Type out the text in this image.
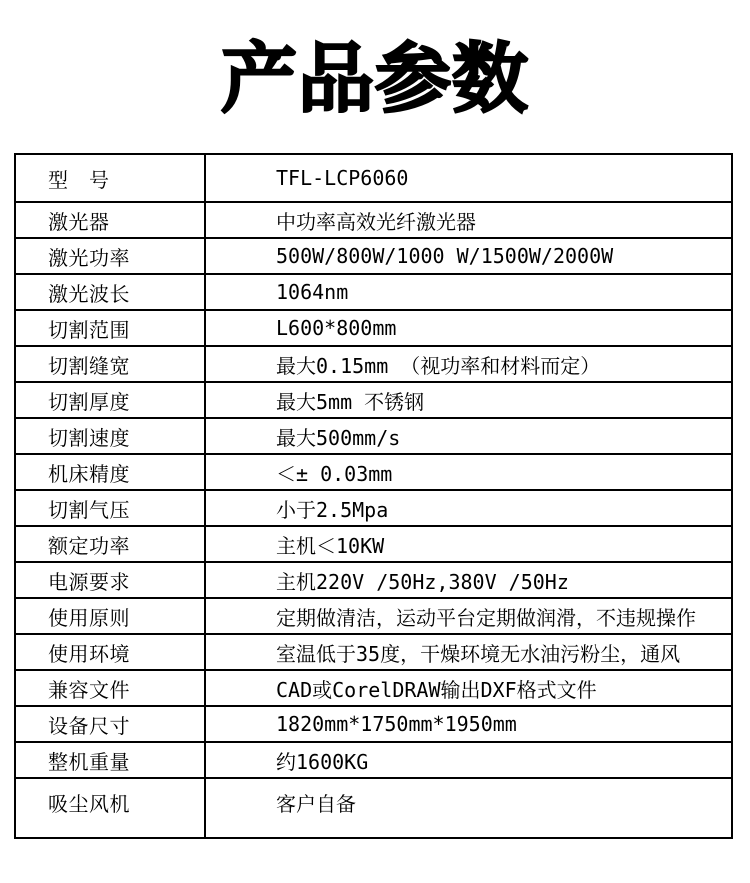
产品参数
型　号	TFL-LCP6060
激光器	中功率高效光纤激光器
激光功率	500W/800W/1000 W/1500W/2000W
激光波长	1064nm
切割范围	L600*800mm
切割缝宽	最大0.15mm （视功率和材料而定）
切割厚度	最大5mm 不锈钢
切割速度	最大500mm/s
机床精度	＜± 0.03mm
切割气压	小于2.5Mpa
额定功率	主机＜10KW
电源要求	主机220V /50Hz,380V /50Hz
使用原则	定期做清洁，运动平台定期做润滑，不违规操作
使用环境	室温低于35度，干燥环境无水油污粉尘，通风
兼容文件	CAD或CorelDRAW输出DXF格式文件
设备尺寸	1820mm*1750mm*1950mm
整机重量	约1600KG
吸尘风机	客户自备
